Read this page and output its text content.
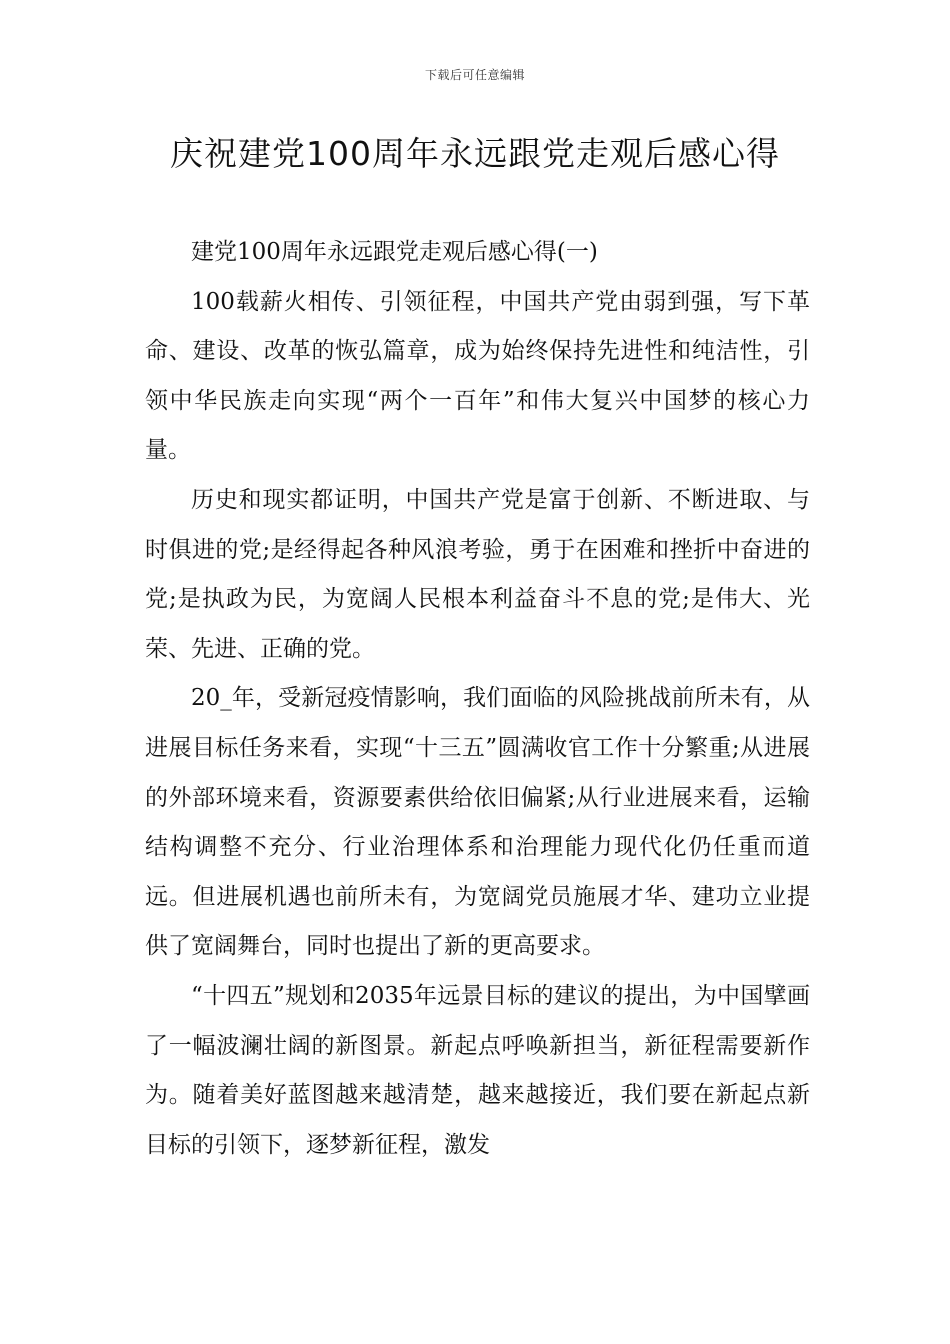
下载后可任意编辑
庆祝建党100周年永远跟党走观后感心得

建党100周年永远跟党走观后感心得(一)

100载薪火相传、引领征程，中国共产党由弱到强，写下革命、建设、改革的恢弘篇章，成为始终保持先进性和纯洁性，引领中华民族走向实现“两个一百年”和伟大复兴中国梦的核心力量。

历史和现实都证明，中国共产党是富于创新、不断进取、与时俱进的党;是经得起各种风浪考验，勇于在困难和挫折中奋进的党;是执政为民，为宽阔人民根本利益奋斗不息的党;是伟大、光荣、先进、正确的党。

20_年，受新冠疫情影响，我们面临的风险挑战前所未有，从进展目标任务来看，实现“十三五”圆满收官工作十分繁重;从进展的外部环境来看，资源要素供给依旧偏紧;从行业进展来看，运输结构调整不充分、行业治理体系和治理能力现代化仍任重而道远。但进展机遇也前所未有，为宽阔党员施展才华、建功立业提供了宽阔舞台，同时也提出了新的更高要求。

“十四五”规划和2035年远景目标的建议的提出，为中国擘画了一幅波澜壮阔的新图景。新起点呼唤新担当，新征程需要新作为。随着美好蓝图越来越清楚，越来越接近，我们要在新起点新目标的引领下，逐梦新征程，激发
